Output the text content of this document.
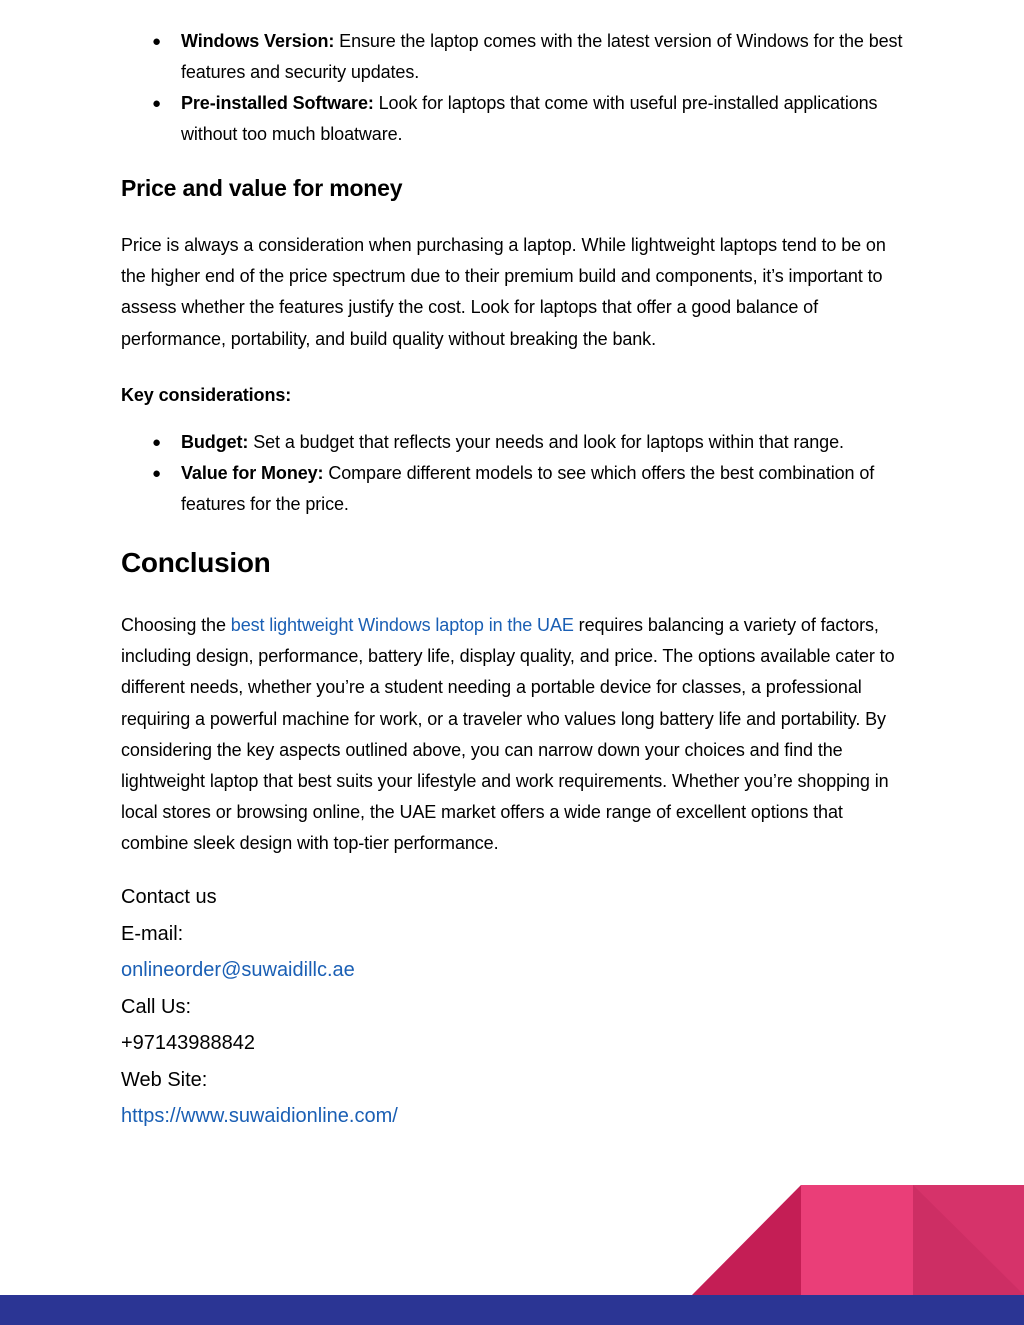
● Windows Version: Ensure the laptop comes with the latest version of Windows for the best features and security updates.
● Pre-installed Software: Look for laptops that come with useful pre-installed applications without too much bloatware.
Price and value for money

Price is always a consideration when purchasing a laptop. While lightweight laptops tend to be on the higher end of the price spectrum due to their premium build and components, it’s important to assess whether the features justify the cost. Look for laptops that offer a good balance of performance, portability, and build quality without breaking the bank.

Key considerations:

● Budget: Set a budget that reflects your needs and look for laptops within that range.
● Value for Money: Compare different models to see which offers the best combination of features for the price.
Conclusion

Choosing the best lightweight Windows laptop in the UAE requires balancing a variety of factors, including design, performance, battery life, display quality, and price. The options available cater to different needs, whether you’re a student needing a portable device for classes, a professional requiring a powerful machine for work, or a traveler who values long battery life and portability. By considering the key aspects outlined above, you can narrow down your choices and find the lightweight laptop that best suits your lifestyle and work requirements. Whether you’re shopping in local stores or browsing online, the UAE market offers a wide range of excellent options that combine sleek design with top-tier performance.

Contact us
E-mail:
onlineorder@suwaidillc.ae
Call Us:
+97143988842
Web Site:
https://www.suwaidionline.com/
